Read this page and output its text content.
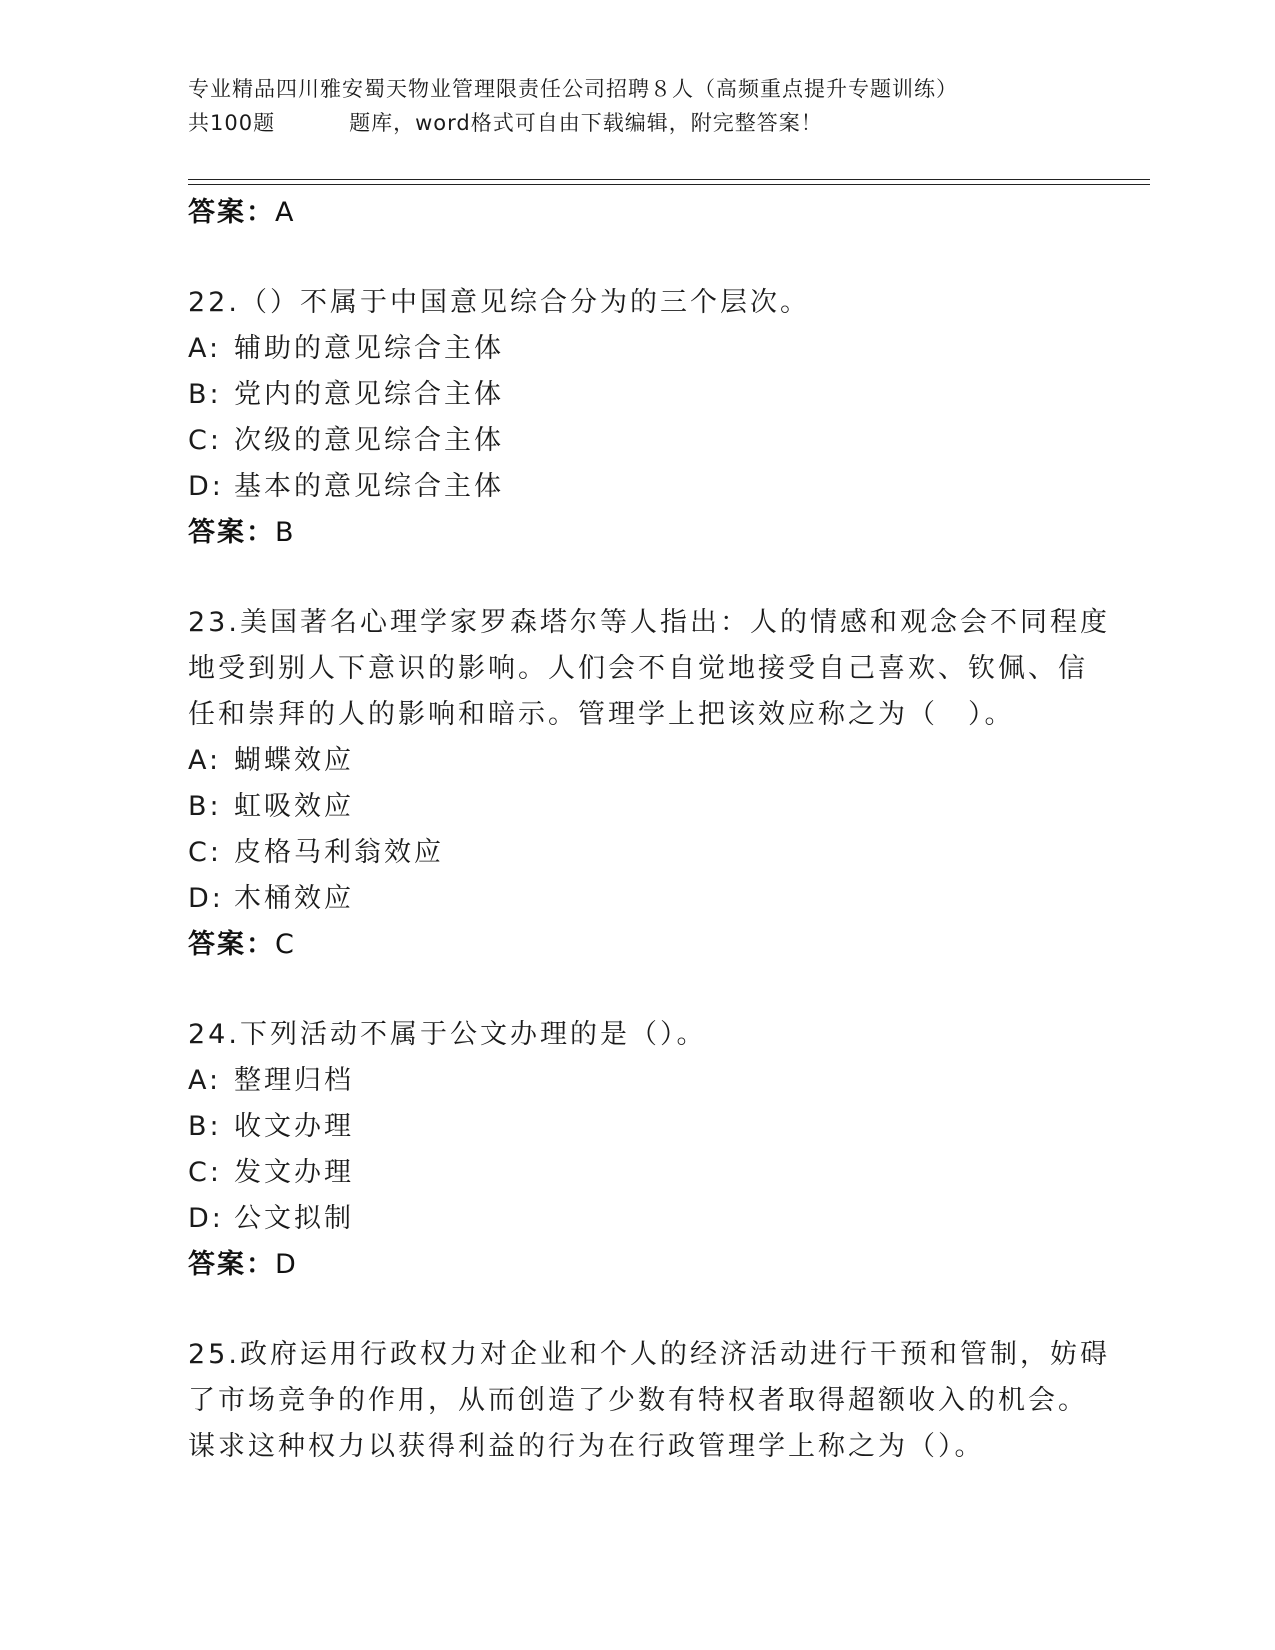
专业精品四川雅安蜀天物业管理限责任公司招聘８人（高频重点提升专题训练）
共100题	题库，word格式可自由下载编辑，附完整答案！
答案：A
22.（）不属于中国意见综合分为的三个层次。
A: 辅助的意见综合主体
B: 党内的意见综合主体
C: 次级的意见综合主体
D: 基本的意见综合主体
答案：B
23.美国著名心理学家罗森塔尔等人指出：人的情感和观念会不同程度
地受到别人下意识的影响。人们会不自觉地接受自己喜欢、钦佩、信
任和崇拜的人的影响和暗示。管理学上把该效应称之为（　）。
A: 蝴蝶效应
B: 虹吸效应
C: 皮格马利翁效应
D: 木桶效应
答案：C
24.下列活动不属于公文办理的是（）。
A: 整理归档
B: 收文办理
C: 发文办理
D: 公文拟制
答案：D
25.政府运用行政权力对企业和个人的经济活动进行干预和管制，妨碍
了市场竞争的作用，从而创造了少数有特权者取得超额收入的机会。
谋求这种权力以获得利益的行为在行政管理学上称之为（）。
